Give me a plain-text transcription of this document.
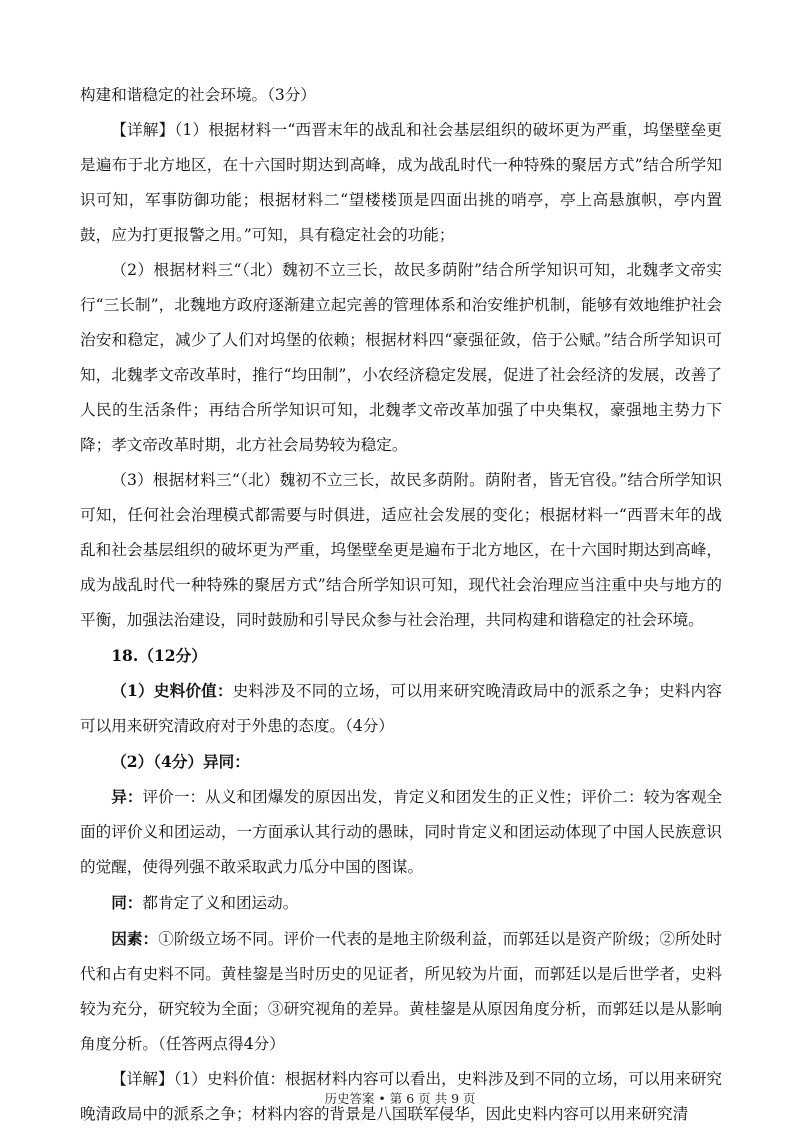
构建和谐稳定的社会环境。（3分）

【详解】（1）根据材料一“西晋末年的战乱和社会基层组织的破坏更为严重，坞堡壁垒更是遍布于北方地区，在十六国时期达到高峰，成为战乱时代一种特殊的聚居方式”结合所学知识可知，军事防御功能；根据材料二“望楼楼顶是四面出挑的哨亭，亭上高悬旗帜，亭内置鼓，应为打更报警之用。”可知，具有稳定社会的功能；

（2）根据材料三“（北）魏初不立三长，故民多荫附”结合所学知识可知，北魏孝文帝实行“三长制”，北魏地方政府逐渐建立起完善的管理体系和治安维护机制，能够有效地维护社会治安和稳定，减少了人们对坞堡的依赖；根据材料四“豪强征敛，倍于公赋。”结合所学知识可知，北魏孝文帝改革时，推行“均田制”，小农经济稳定发展，促进了社会经济的发展，改善了人民的生活条件；再结合所学知识可知，北魏孝文帝改革加强了中央集权，豪强地主势力下降；孝文帝改革时期，北方社会局势较为稳定。

（3）根据材料三“（北）魏初不立三长，故民多荫附。荫附者，皆无官役。”结合所学知识可知，任何社会治理模式都需要与时俱进，适应社会发展的变化；根据材料一“西晋末年的战乱和社会基层组织的破坏更为严重，坞堡壁垒更是遍布于北方地区，在十六国时期达到高峰，成为战乱时代一种特殊的聚居方式”结合所学知识可知，现代社会治理应当注重中央与地方的平衡，加强法治建设，同时鼓励和引导民众参与社会治理，共同构建和谐稳定的社会环境。

18.（12分）

（1）史料价值：史料涉及不同的立场，可以用来研究晚清政局中的派系之争；史料内容可以用来研究清政府对于外患的态度。（4分）

（2）（4分）异同：

异：评价一：从义和团爆发的原因出发，肯定义和团发生的正义性；评价二：较为客观全面的评价义和团运动，一方面承认其行动的愚昧，同时肯定义和团运动体现了中国人民族意识的觉醒，使得列强不敢采取武力瓜分中国的图谋。

同：都肯定了义和团运动。

因素：①阶级立场不同。评价一代表的是地主阶级利益，而郭廷以是资产阶级；②所处时代和占有史料不同。黄桂鋆是当时历史的见证者，所见较为片面，而郭廷以是后世学者，史料较为充分，研究较为全面；③研究视角的差异。黄桂鋆是从原因角度分析，而郭廷以是从影响角度分析。（任答两点得4分）

【详解】（1）史料价值：根据材料内容可以看出，史料涉及到不同的立场，可以用来研究晚清政局中的派系之争；材料内容的背景是八国联军侵华，因此史料内容可以用来研究清

历史答案 • 第 6 页 共 9 页
